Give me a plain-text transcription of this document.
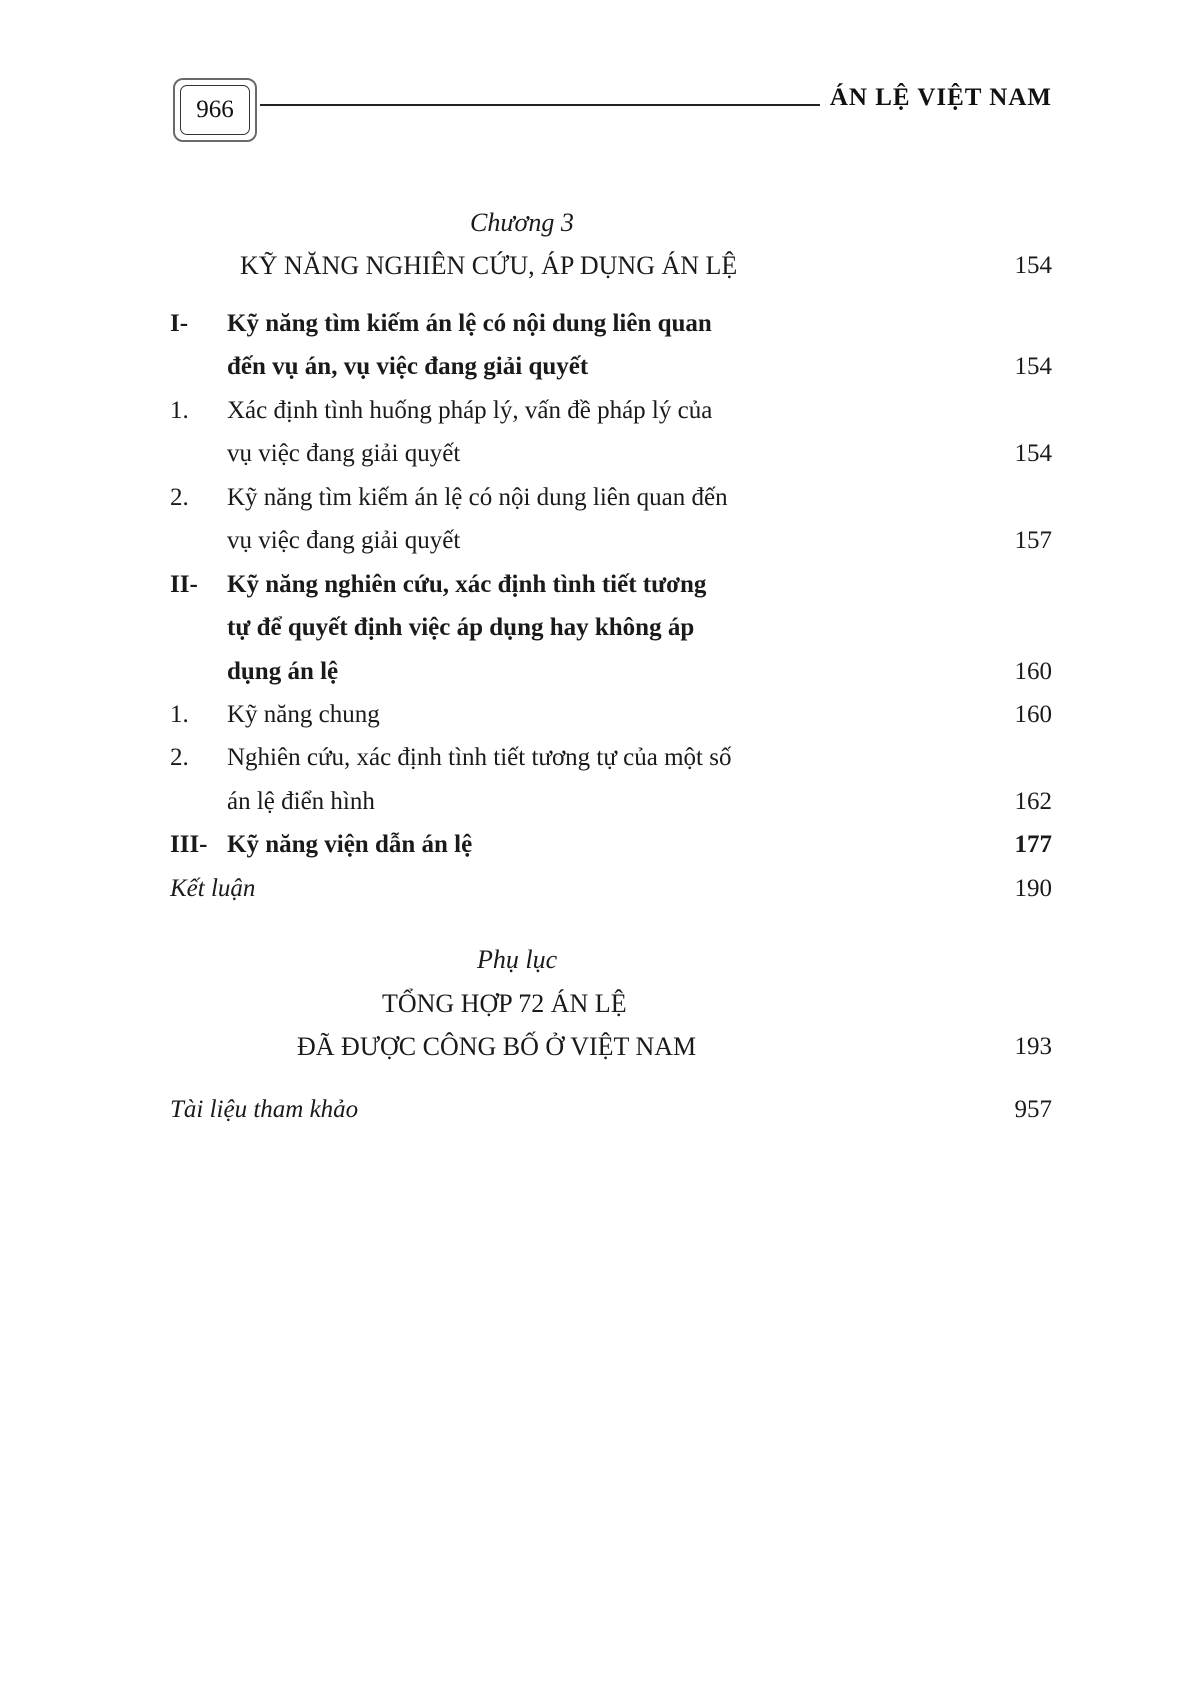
966	ÁN LỆ VIỆT NAM
Chương 3
KỸ NĂNG NGHIÊN CỨU, ÁP DỤNG ÁN LỆ	154
I- Kỹ năng tìm kiếm án lệ có nội dung liên quan
đến vụ án, vụ việc đang giải quyết	154
1. Xác định tình huống pháp lý, vấn đề pháp lý của
vụ việc đang giải quyết	154
2. Kỹ năng tìm kiếm án lệ có nội dung liên quan đến
vụ việc đang giải quyết	157
II- Kỹ năng nghiên cứu, xác định tình tiết tương
tự để quyết định việc áp dụng hay không áp
dụng án lệ	160
1. Kỹ năng chung	160
2. Nghiên cứu, xác định tình tiết tương tự của một số
án lệ điển hình	162
III- Kỹ năng viện dẫn án lệ	177
Kết luận	190
Phụ lục
TỔNG HỢP 72 ÁN LỆ
ĐÃ ĐƯỢC CÔNG BỐ Ở VIỆT NAM	193
Tài liệu tham khảo	957
